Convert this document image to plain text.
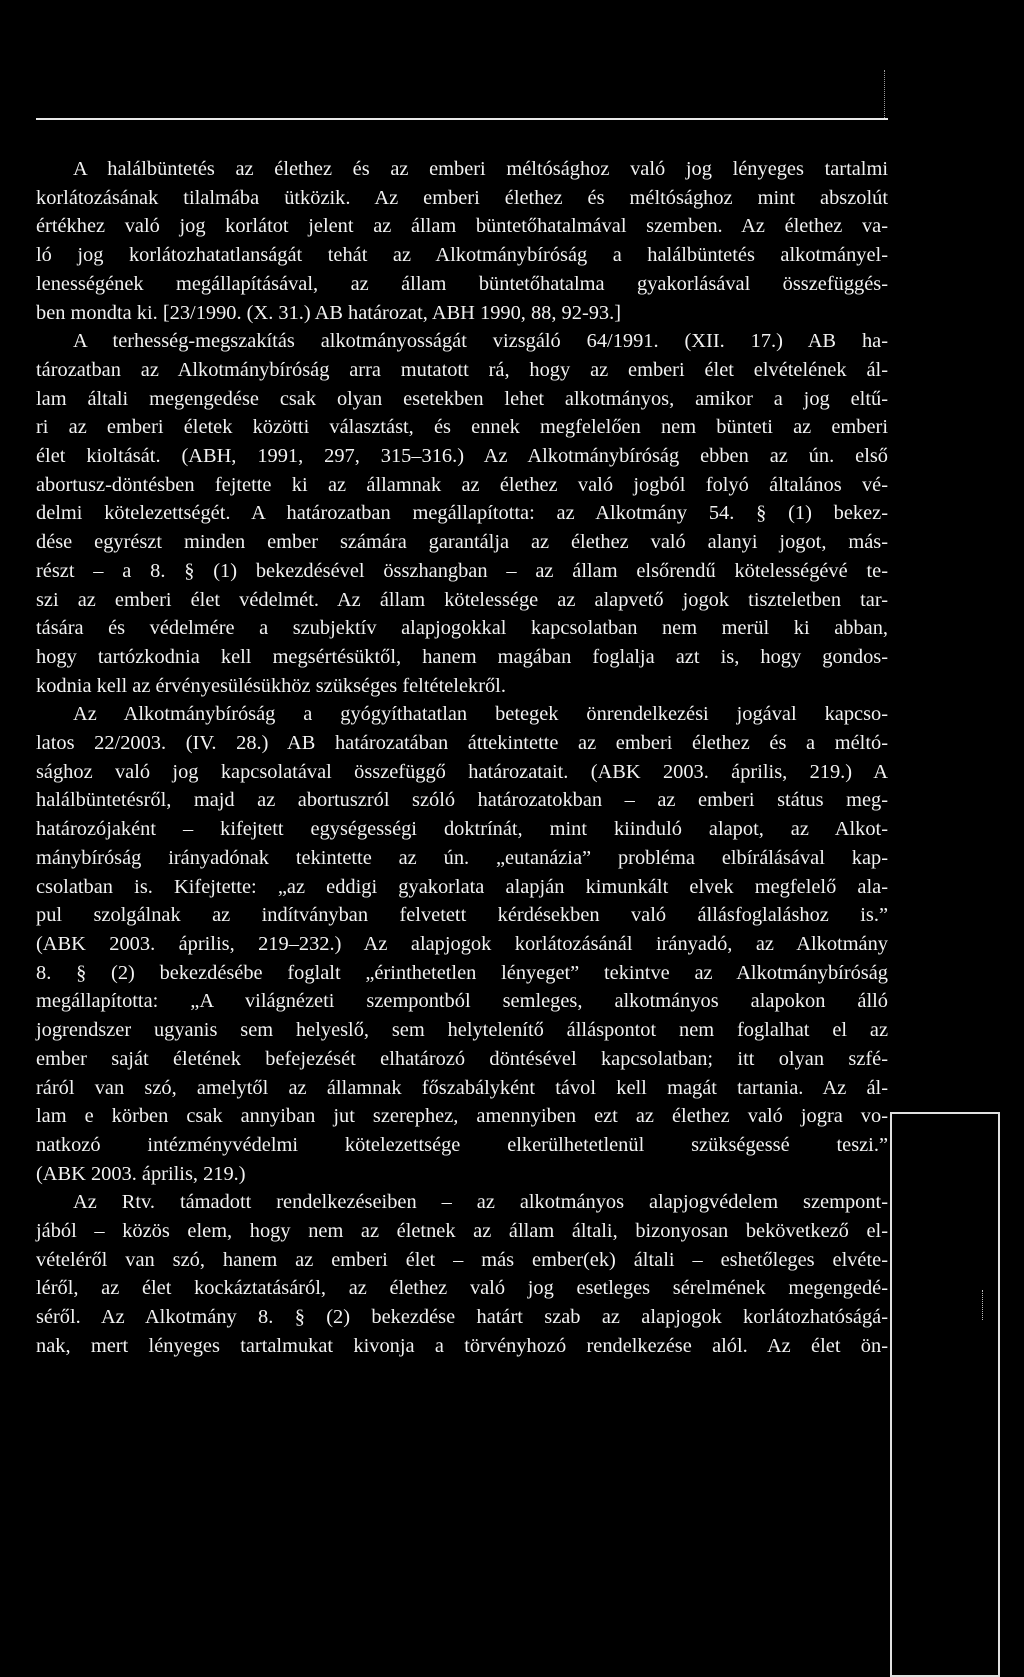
A halálbüntetés az élethez és az emberi méltósághoz való jog lényeges tartalmi
korlátozásának tilalmába ütközik. Az emberi élethez és méltósághoz mint abszolút
értékhez való jog korlátot jelent az állam büntetőhatalmával szemben. Az élethez va-
ló jog korlátozhatatlanságát tehát az Alkotmánybíróság a halálbüntetés alkotmányel-
lenességének megállapításával, az állam büntetőhatalma gyakorlásával összefüggés-
ben mondta ki. [23/1990. (X. 31.) AB határozat, ABH 1990, 88, 92-93.]
A terhesség-megszakítás alkotmányosságát vizsgáló 64/1991. (XII. 17.) AB ha-
tározatban az Alkotmánybíróság arra mutatott rá, hogy az emberi élet elvételének ál-
lam általi megengedése csak olyan esetekben lehet alkotmányos, amikor a jog eltű-
ri az emberi életek közötti választást, és ennek megfelelően nem bünteti az emberi
élet kioltását. (ABH, 1991, 297, 315–316.) Az Alkotmánybíróság ebben az ún. első
abortusz-döntésben fejtette ki az államnak az élethez való jogból folyó általános vé-
delmi kötelezettségét. A határozatban megállapította: az Alkotmány 54. § (1) bekez-
dése egyrészt minden ember számára garantálja az élethez való alanyi jogot, más-
részt – a 8. § (1) bekezdésével összhangban – az állam elsőrendű kötelességévé te-
szi az emberi élet védelmét. Az állam kötelessége az alapvető jogok tiszteletben tar-
tására és védelmére a szubjektív alapjogokkal kapcsolatban nem merül ki abban,
hogy tartózkodnia kell megsértésüktől, hanem magában foglalja azt is, hogy gondos-
kodnia kell az érvényesülésükhöz szükséges feltételekről.
Az Alkotmánybíróság a gyógyíthatatlan betegek önrendelkezési jogával kapcso-
latos 22/2003. (IV. 28.) AB határozatában áttekintette az emberi élethez és a méltó-
sághoz való jog kapcsolatával összefüggő határozatait. (ABK 2003. április, 219.) A
halálbüntetésről, majd az abortuszról szóló határozatokban – az emberi státus meg-
határozójaként – kifejtett egységességi doktrínát, mint kiinduló alapot, az Alkot-
mánybíróság irányadónak tekintette az ún. „eutanázia” probléma elbírálásával kap-
csolatban is. Kifejtette: „az eddigi gyakorlata alapján kimunkált elvek megfelelő ala-
pul szolgálnak az indítványban felvetett kérdésekben való állásfoglaláshoz is.”
(ABK 2003. április, 219–232.) Az alapjogok korlátozásánál irányadó, az Alkotmány
8. § (2) bekezdésébe foglalt „érinthetetlen lényeget” tekintve az Alkotmánybíróság
megállapította: „A világnézeti szempontból semleges, alkotmányos alapokon álló
jogrendszer ugyanis sem helyeslő, sem helytelenítő álláspontot nem foglalhat el az
ember saját életének befejezését elhatározó döntésével kapcsolatban; itt olyan szfé-
ráról van szó, amelytől az államnak főszabályként távol kell magát tartania. Az ál-
lam e körben csak annyiban jut szerephez, amennyiben ezt az élethez való jogra vo-
natkozó intézményvédelmi kötelezettsége elkerülhetetlenül szükségessé teszi.”
(ABK 2003. április, 219.)
Az Rtv. támadott rendelkezéseiben – az alkotmányos alapjogvédelem szempont-
jából – közös elem, hogy nem az életnek az állam általi, bizonyosan bekövetkező el-
vételéről van szó, hanem az emberi élet – más ember(ek) általi – eshetőleges elvéte-
léről, az élet kockáztatásáról, az élethez való jog esetleges sérelmének megengedé-
séről. Az Alkotmány 8. § (2) bekezdése határt szab az alapjogok korlátozhatóságá-
nak, mert lényeges tartalmukat kivonja a törvényhozó rendelkezése alól. Az élet ön-
